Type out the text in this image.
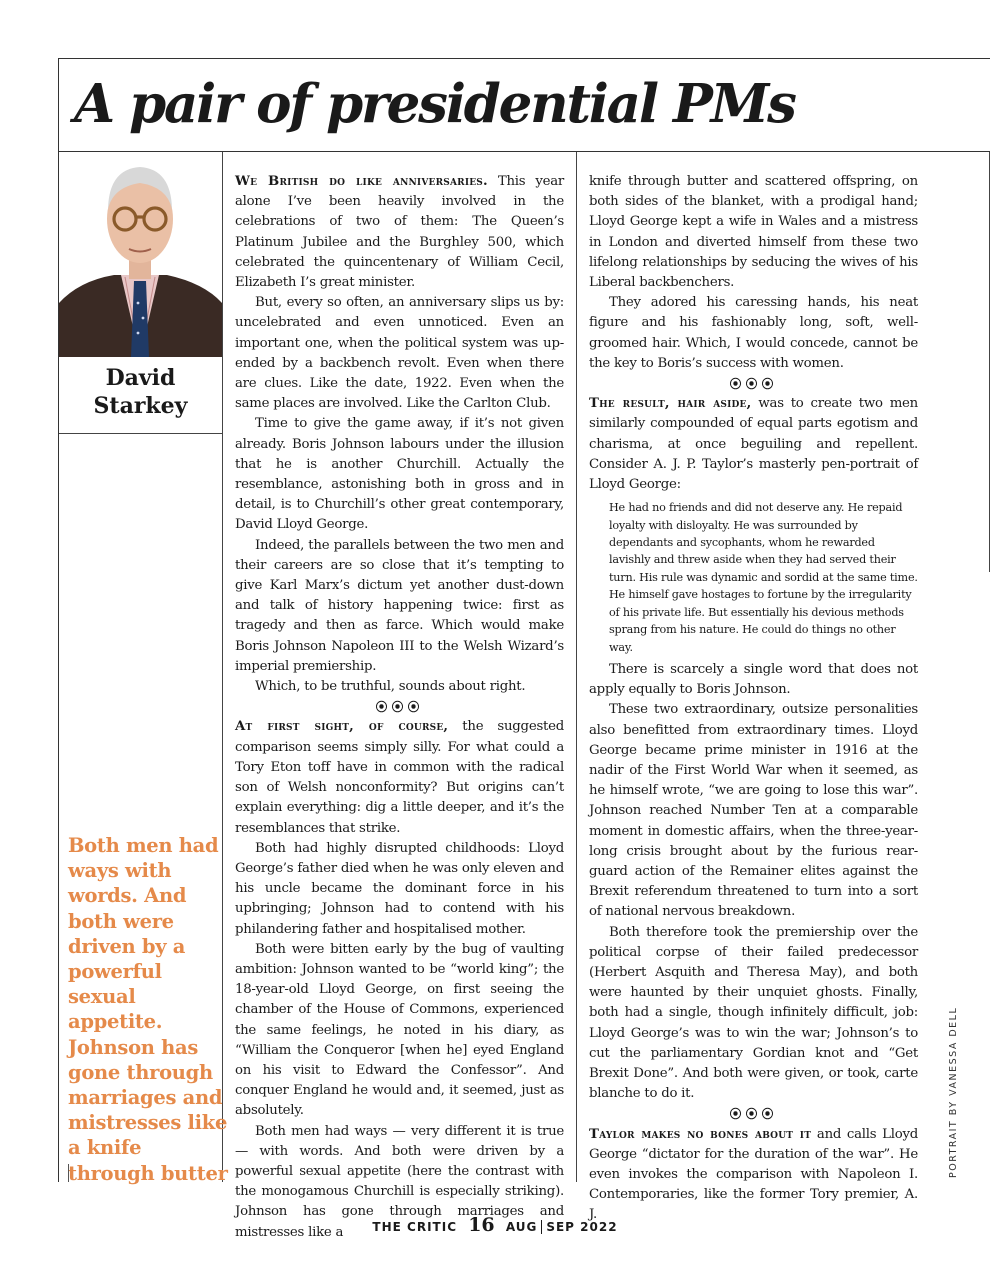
A pair of presidential PMs
David Starkey

Both men had ways with words. And both were driven by a powerful sexual appetite. Johnson has gone through marriages and mistresses like a knife through butter

We British do like anniversaries. This year alone I’ve been heavily involved in the celebrations of two of them: The Queen’s Platinum Jubilee and the Burghley 500, which celebrated the quincentenary of William Cecil, Elizabeth I’s great minister.

But, every so often, an anniversary slips us by: uncelebrated and even unnoticed. Even an important one, when the political system was up-ended by a backbench revolt. Even when there are clues. Like the date, 1922. Even when the same places are involved. Like the Carlton Club.

Time to give the game away, if it’s not given already. Boris Johnson labours under the illusion that he is another Churchill. Actually the resemblance, astonishing both in gross and in detail, is to Churchill’s other great contemporary, David Lloyd George.

Indeed, the parallels between the two men and their careers are so close that it’s tempting to give Karl Marx’s dictum yet another dust-down and talk of history happening twice: first as tragedy and then as farce. Which would make Boris Johnson Napoleon III to the Welsh Wizard’s imperial premiership.

Which, to be truthful, sounds about right.

⦿⦿⦿

At first sight, of course, the suggested comparison seems simply silly. For what could a Tory Eton toff have in common with the radical son of Welsh nonconformity? But origins can’t explain everything: dig a little deeper, and it’s the resemblances that strike.

Both had highly disrupted childhoods: Lloyd George’s father died when he was only eleven and his uncle became the dominant force in his upbringing; Johnson had to contend with his philandering father and hospitalised mother.

Both were bitten early by the bug of vaulting ambition: Johnson wanted to be “world king”; the 18-year-old Lloyd George, on first seeing the chamber of the House of Commons, experienced the same feelings, he noted in his diary, as “William the Conqueror [when he] eyed England on his visit to Edward the Confessor”. And conquer England he would and, it seemed, just as absolutely.

Both men had ways — very different it is true — with words. And both were driven by a powerful sexual appetite (here the contrast with the monogamous Churchill is especially striking). Johnson has gone through marriages and mistresses like a

knife through butter and scattered offspring, on both sides of the blanket, with a prodigal hand; Lloyd George kept a wife in Wales and a mistress in London and diverted himself from these two lifelong relationships by seducing the wives of his Liberal backbenchers.

They adored his caressing hands, his neat figure and his fashionably long, soft, well-groomed hair. Which, I would concede, cannot be the key to Boris’s success with women.

⦿⦿⦿

The result, hair aside, was to create two men similarly compounded of equal parts egotism and charisma, at once beguiling and repellent. Consider A. J. P. Taylor’s masterly pen-portrait of Lloyd George:

He had no friends and did not deserve any. He repaid loyalty with disloyalty. He was surrounded by dependants and sycophants, whom he rewarded lavishly and threw aside when they had served their turn. His rule was dynamic and sordid at the same time. He himself gave hostages to fortune by the irregularity of his private life. But essentially his devious methods sprang from his nature. He could do things no other way.

There is scarcely a single word that does not apply equally to Boris Johnson.

These two extraordinary, outsize personalities also benefitted from extraordinary times. Lloyd George became prime minister in 1916 at the nadir of the First World War when it seemed, as he himself wrote, “we are going to lose this war”. Johnson reached Number Ten at a comparable moment in domestic affairs, when the three-year-long crisis brought about by the furious rear-guard action of the Remainer elites against the Brexit referendum threatened to turn into a sort of national nervous breakdown.

Both therefore took the premiership over the political corpse of their failed predecessor (Herbert Asquith and Theresa May), and both were haunted by their unquiet ghosts. Finally, both had a single, though infinitely difficult, job: Lloyd George’s was to win the war; Johnson’s to cut the parliamentary Gordian knot and “Get Brexit Done”. And both were given, or took, carte blanche to do it.

⦿⦿⦿

Taylor makes no bones about it and calls Lloyd George “dictator for the duration of the war”. He even invokes the comparison with Napoleon I. Contemporaries, like the former Tory premier, A. J.

PORTRAIT BY VANESSA DELL
THE CRITIC 16 AUG SEP 2022
